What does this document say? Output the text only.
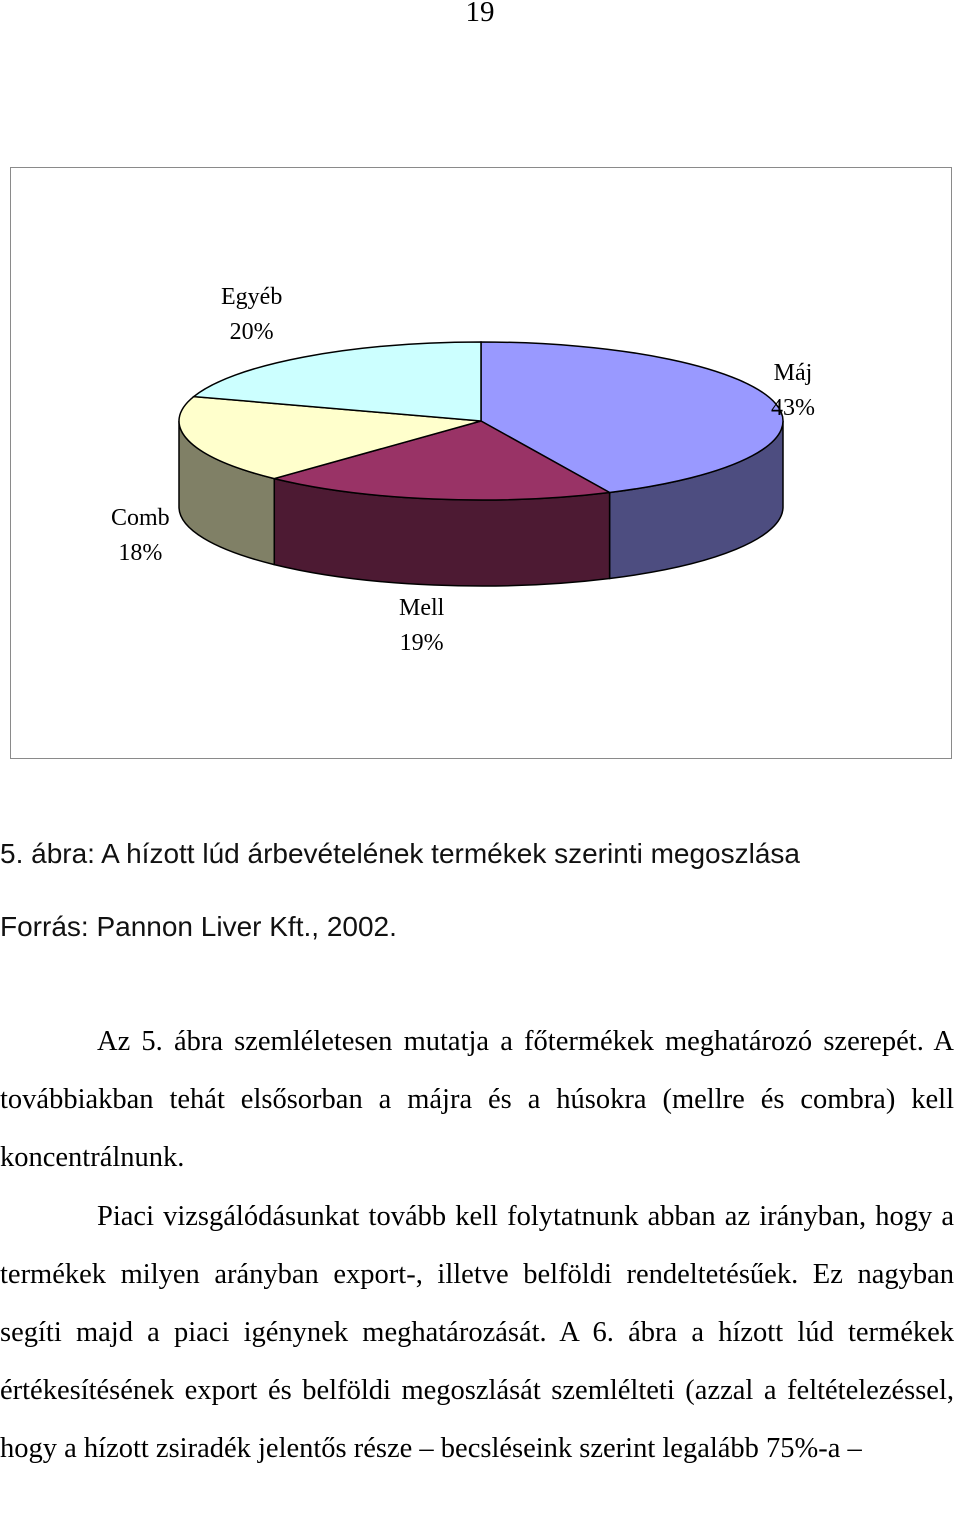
19
Máj
43%
Mell
19%
Comb
18%
Egyéb
20%
5. ábra: A hízott lúd árbevételének termékek szerinti megoszlása
Forrás: Pannon Liver Kft., 2002.

Az 5. ábra szemléletesen mutatja a főtermékek meghatározó szerepét. A továbbiakban tehát elsősorban a májra és a húsokra (mellre és combra) kell koncentrálnunk.

Piaci vizsgálódásunkat tovább kell folytatnunk abban az irányban, hogy a termékek milyen arányban export-, illetve belföldi rendeltetésűek. Ez nagyban segíti majd a piaci igénynek meghatározását. A 6. ábra a hízott lúd termékek értékesítésének export és belföldi megoszlását szemlélteti (azzal a feltételezéssel, hogy a hízott zsiradék jelentős része – becsléseink szerint legalább 75%-a –
